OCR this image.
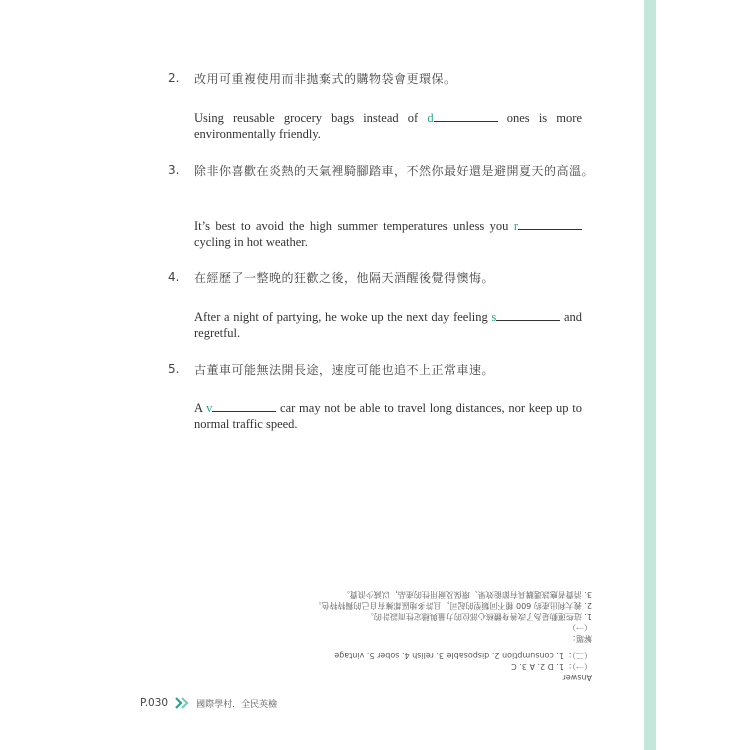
2. 改用可重複使用而非拋棄式的購物袋會更環保。
Using reusable grocery bags instead of d	ones is more environmentally friendly.
3. 除非你喜歡在炎熱的天氣裡騎腳踏車，不然你最好還是避開夏天的高溫。
It’s best to avoid the high summer temperatures unless you r cycling in hot weather.
4. 在經歷了一整晚的狂歡之後，他隔天酒醒後覺得懊悔。
After a night of partying, he woke up the next day feeling s	and regretful.
5. 古董車可能無法開長途，速度可能也追不上正常車速。
A v	car may not be able to travel long distances, nor keep up to normal traffic speed.
Answer
（一）：1. D 2. A 3. C
（二）：1. consumption 2. disposable 3. relish 4. sober 5. vintage
解題：
（一）
1. 這些運動是為了改善身體核心部位的力量與穩定性而設計的。
2. 義大利出產約 600 種不同類型的起司，且許多地區都擁有自己的獨特特色。
3. 消費者應該選購具有節能效果、環保及耐用性的產品，以減少浪費。
P.030	國際學村．全民英檢
